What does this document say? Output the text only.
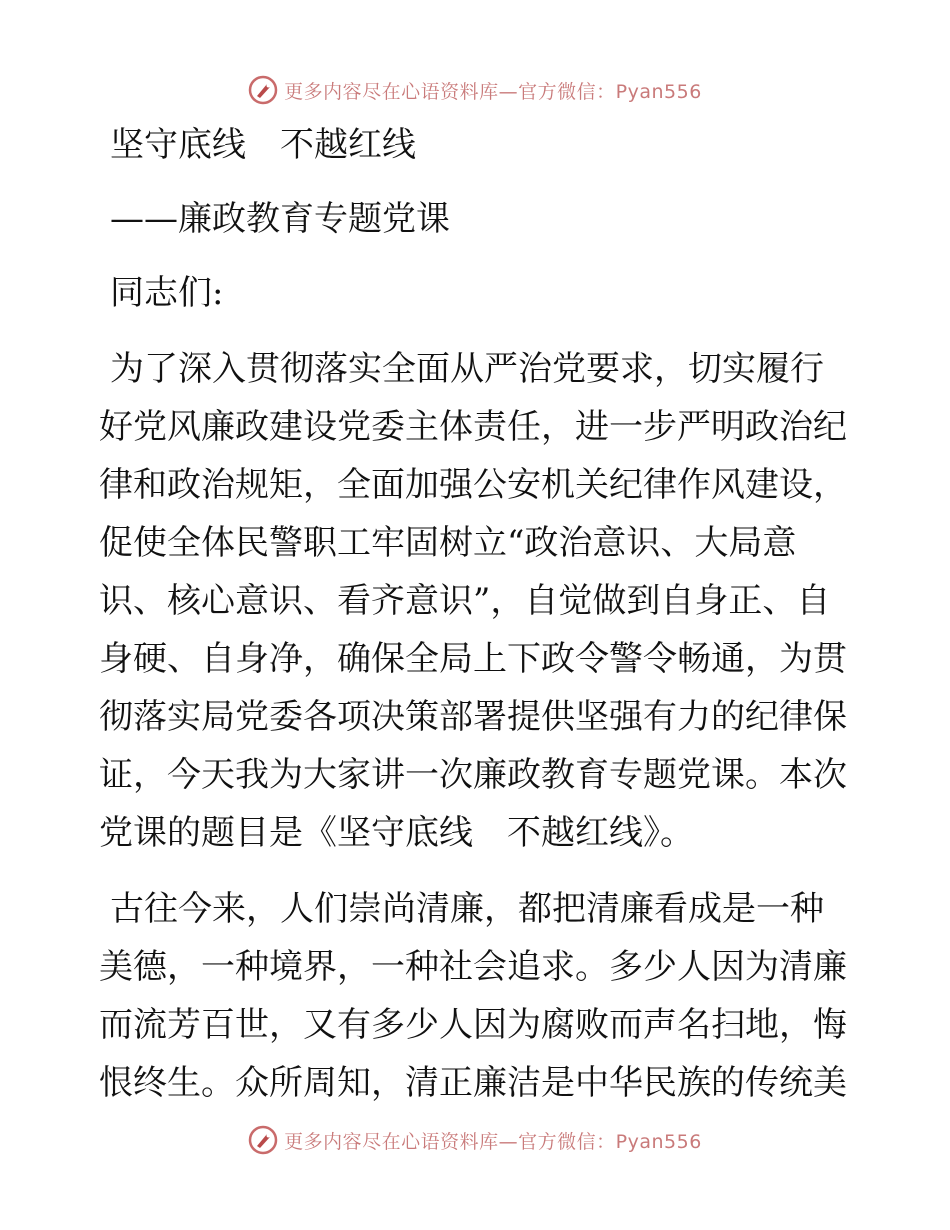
更多内容尽在心语资料库—官方微信：Pyan556
坚守底线　不越红线
——廉政教育专题党课
同志们:
为了深入贯彻落实全面从严治党要求，切实履行
好党风廉政建设党委主体责任，进一步严明政治纪
律和政治规矩，全面加强公安机关纪律作风建设，
促使全体民警职工牢固树立“政治意识、大局意
识、核心意识、看齐意识”，自觉做到自身正、自
身硬、自身净，确保全局上下政令警令畅通，为贯
彻落实局党委各项决策部署提供坚强有力的纪律保
证，今天我为大家讲一次廉政教育专题党课。本次
党课的题目是《坚守底线　不越红线》。
古往今来，人们崇尚清廉，都把清廉看成是一种
美德，一种境界，一种社会追求。多少人因为清廉
而流芳百世，又有多少人因为腐败而声名扫地，悔
恨终生。众所周知，清正廉洁是中华民族的传统美
更多内容尽在心语资料库—官方微信：Pyan556
